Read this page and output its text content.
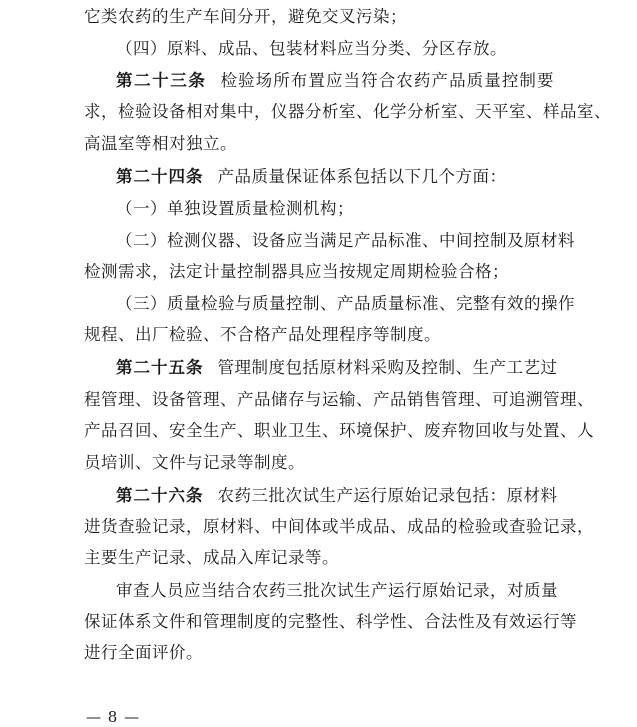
它类农药的生产车间分开，避免交叉污染；
（四）原料、成品、包装材料应当分类、分区存放。
第二十三条 检验场所布置应当符合农药产品质量控制要
求，检验设备相对集中，仪器分析室、化学分析室、天平室、样品室、
高温室等相对独立。
第二十四条 产品质量保证体系包括以下几个方面：
（一）单独设置质量检测机构；
（二）检测仪器、设备应当满足产品标准、中间控制及原材料
检测需求，法定计量控制器具应当按规定周期检验合格；
（三）质量检验与质量控制、产品质量标准、完整有效的操作
规程、出厂检验、不合格产品处理程序等制度。
第二十五条 管理制度包括原材料采购及控制、生产工艺过
程管理、设备管理、产品储存与运输、产品销售管理、可追溯管理、
产品召回、安全生产、职业卫生、环境保护、废弃物回收与处置、人
员培训、文件与记录等制度。
第二十六条 农药三批次试生产运行原始记录包括：原材料
进货查验记录，原材料、中间体或半成品、成品的检验或查验记录，
主要生产记录、成品入库记录等。
审查人员应当结合农药三批次试生产运行原始记录，对质量
保证体系文件和管理制度的完整性、科学性、合法性及有效运行等
进行全面评价。
— 8 —
